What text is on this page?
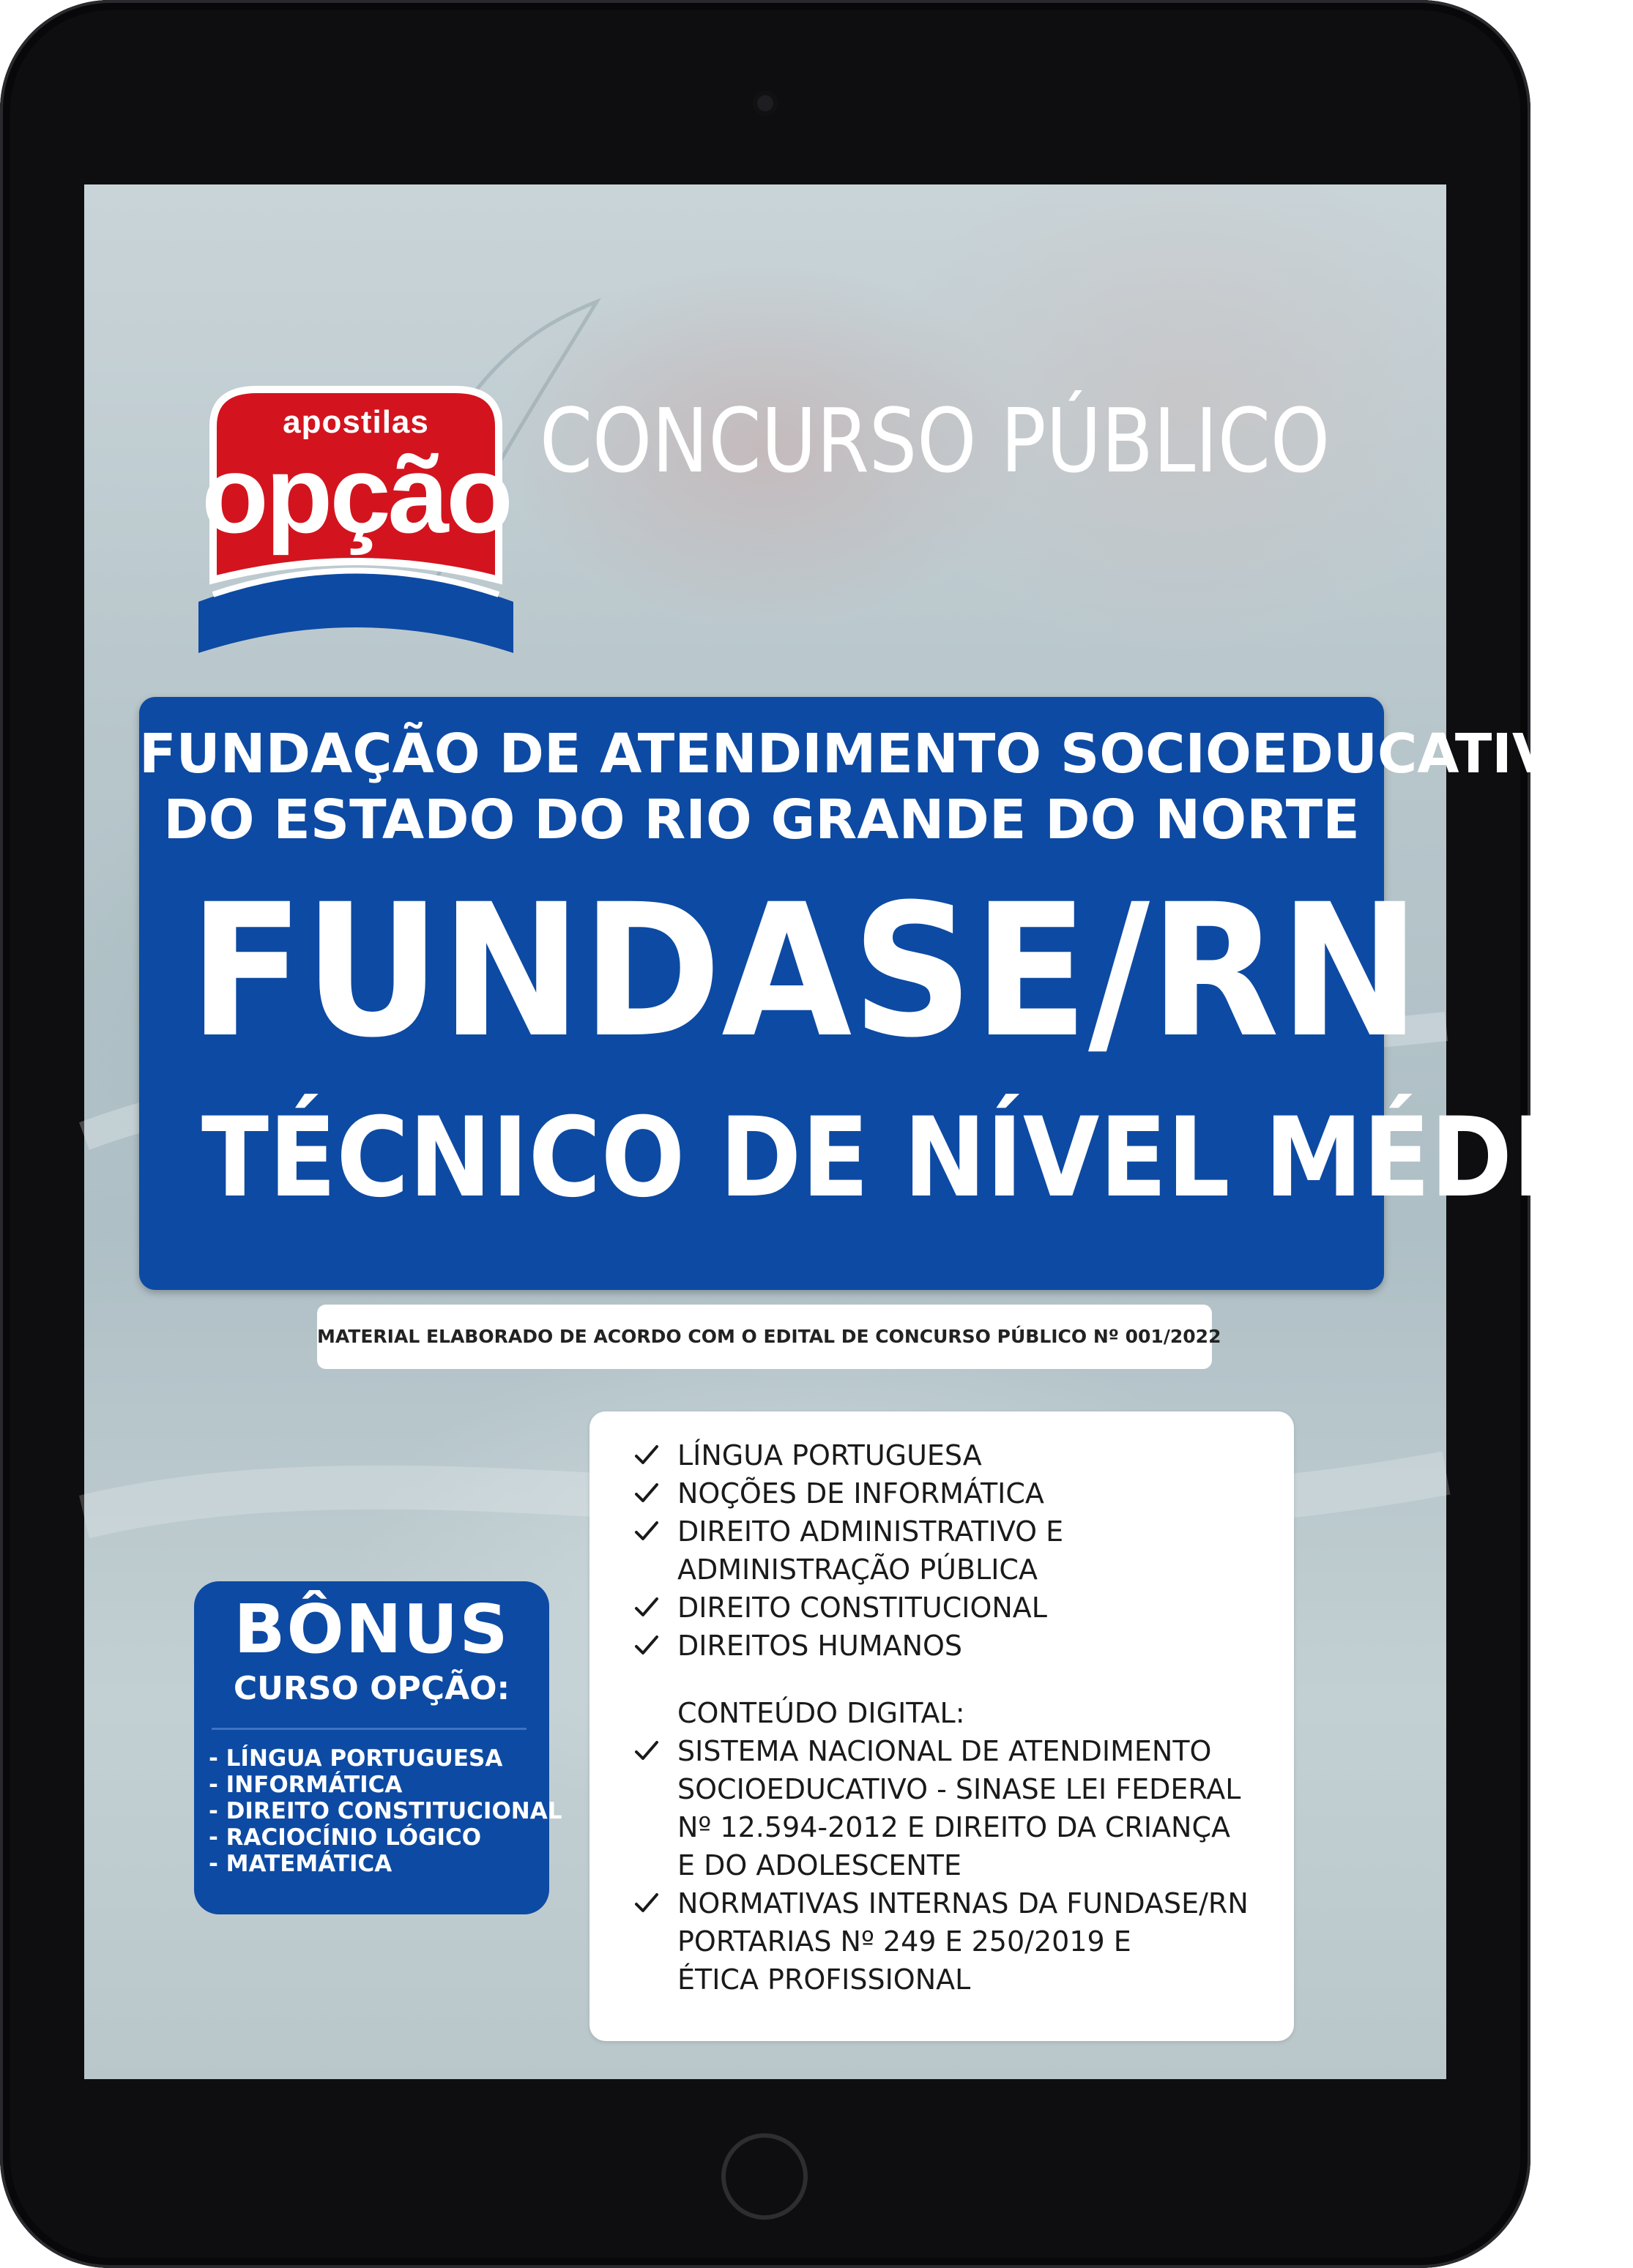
apostilas
opção CONCURSO PÚBLICO
FUNDAÇÃO DE ATENDIMENTO SOCIOEDUCATIVO
DO ESTADO DO RIO GRANDE DO NORTE
FUNDASE/RN
TÉCNICO DE NÍVEL MÉDIO
MATERIAL ELABORADO DE ACORDO COM O EDITAL DE CONCURSO PÚBLICO Nº 001/2022
LÍNGUA PORTUGUESA
NOÇÕES DE INFORMÁTICA
DIREITO ADMINISTRATIVO E
ADMINISTRAÇÃO PÚBLICA
DIREITO CONSTITUCIONAL
DIREITOS HUMANOS
CONTEÚDO DIGITAL:
SISTEMA NACIONAL DE ATENDIMENTO
SOCIOEDUCATIVO - SINASE LEI FEDERAL
Nº 12.594-2012 E DIREITO DA CRIANÇA
E DO ADOLESCENTE
NORMATIVAS INTERNAS DA FUNDASE/RN
PORTARIAS Nº 249 E 250/2019 E
ÉTICA PROFISSIONAL
BÔNUS
CURSO OPÇÃO:
- LÍNGUA PORTUGUESA
- INFORMÁTICA
- DIREITO CONSTITUCIONAL
- RACIOCÍNIO LÓGICO
- MATEMÁTICA
